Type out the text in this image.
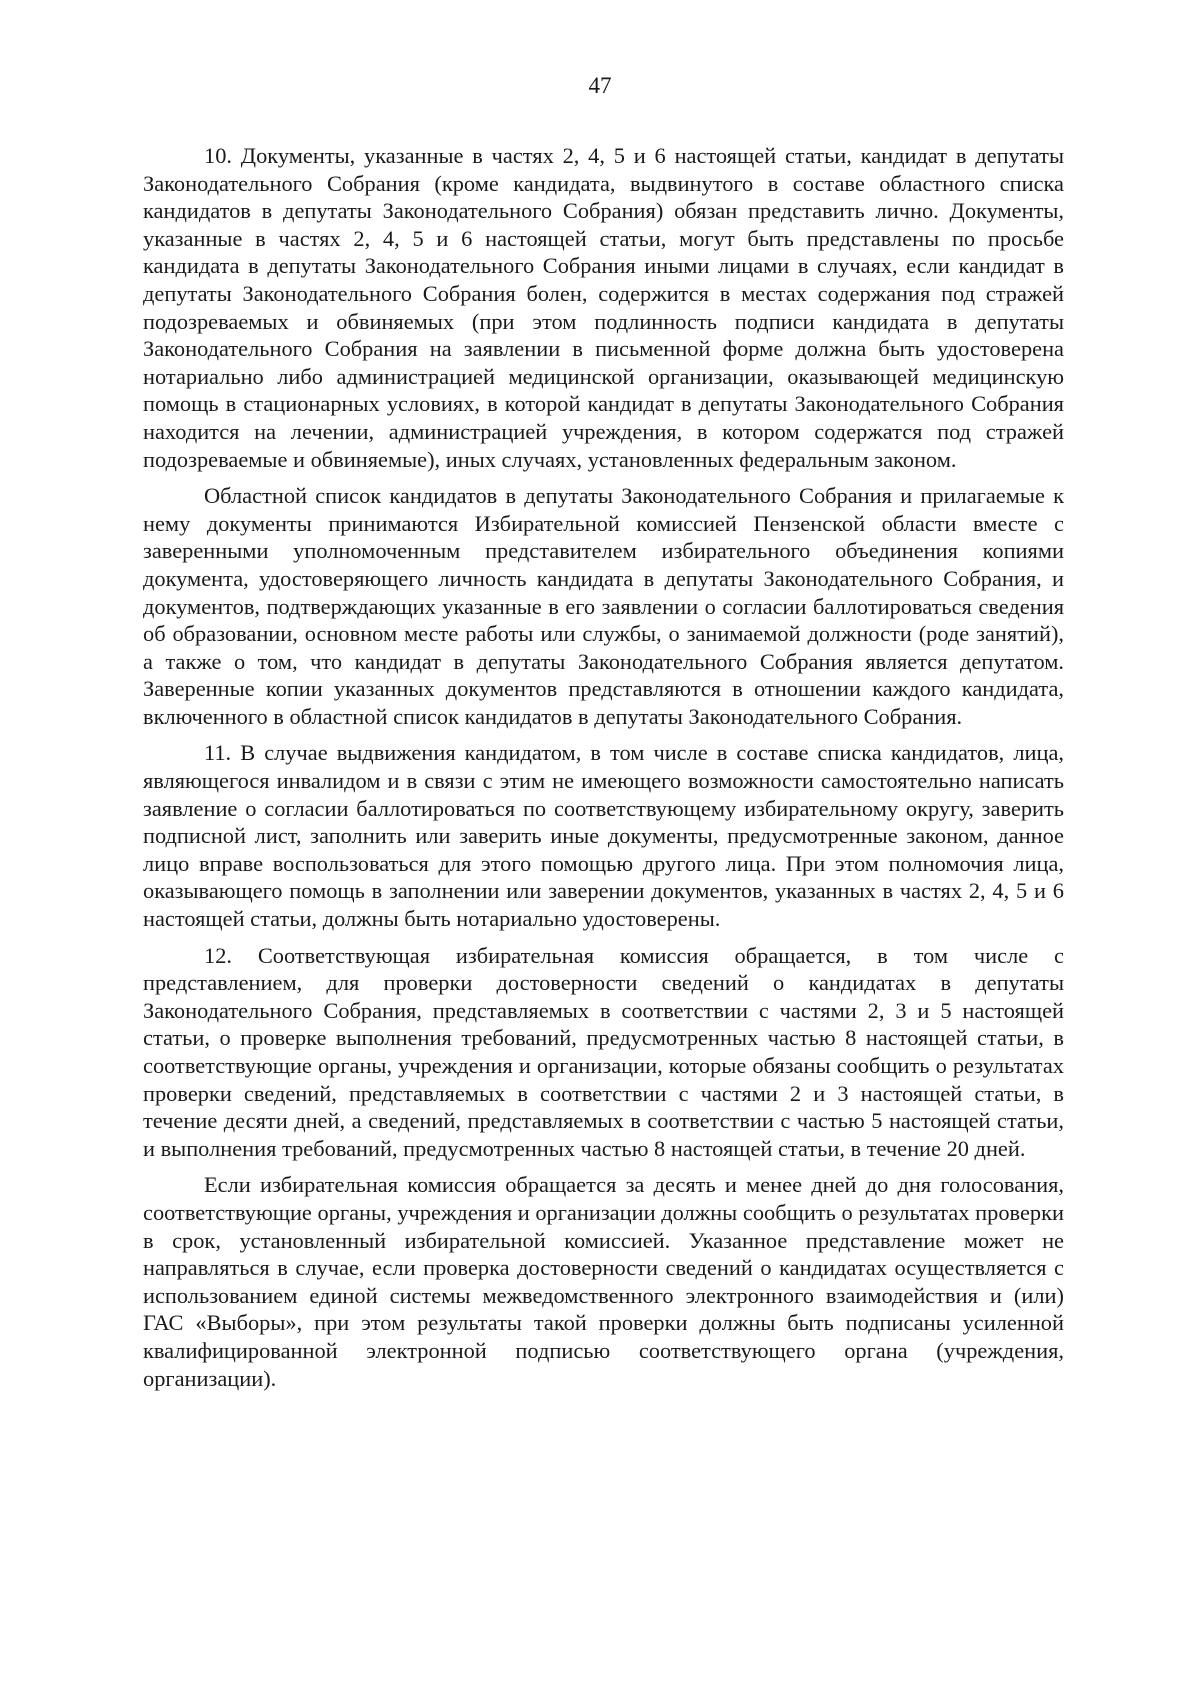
47

10. Документы, указанные в частях 2, 4, 5 и 6 настоящей статьи, кандидат в депутаты Законодательного Собрания (кроме кандидата, выдвинутого в составе областного списка кандидатов в депутаты Законодательного Собрания) обязан представить лично. Документы, указанные в частях 2, 4, 5 и 6 настоящей статьи, могут быть представлены по просьбе кандидата в депутаты Законодательного Собрания иными лицами в случаях, если кандидат в депутаты Законодательного Собрания болен, содержится в местах содержания под стражей подозреваемых и обвиняемых (при этом подлинность подписи кандидата в депутаты Законодательного Собрания на заявлении в письменной форме должна быть удостоверена нотариально либо администрацией медицинской организации, оказывающей медицинскую помощь в стационарных условиях, в которой кандидат в депутаты Законодательного Собрания находится на лечении, администрацией учреждения, в котором содержатся под стражей подозреваемые и обвиняемые), иных случаях, установленных федеральным законом.

Областной список кандидатов в депутаты Законодательного Собрания и прилагаемые к нему документы принимаются Избирательной комиссией Пензенской области вместе с заверенными уполномоченным представителем избирательного объединения копиями документа, удостоверяющего личность кандидата в депутаты Законодательного Собрания, и документов, подтверждающих указанные в его заявлении о согласии баллотироваться сведения об образовании, основном месте работы или службы, о занимаемой должности (роде занятий), а также о том, что кандидат в депутаты Законодательного Собрания является депутатом. Заверенные копии указанных документов представляются в отношении каждого кандидата, включенного в областной список кандидатов в депутаты Законодательного Собрания.

11. В случае выдвижения кандидатом, в том числе в составе списка кандидатов, лица, являющегося инвалидом и в связи с этим не имеющего возможности самостоятельно написать заявление о согласии баллотироваться по соответствующему избирательному округу, заверить подписной лист, заполнить или заверить иные документы, предусмотренные законом, данное лицо вправе воспользоваться для этого помощью другого лица. При этом полномочия лица, оказывающего помощь в заполнении или заверении документов, указанных в частях 2, 4, 5 и 6 настоящей статьи, должны быть нотариально удостоверены.

12. Соответствующая избирательная комиссия обращается, в том числе с представлением, для проверки достоверности сведений о кандидатах в депутаты Законодательного Собрания, представляемых в соответствии с частями 2, 3 и 5 настоящей статьи, о проверке выполнения требований, предусмотренных частью 8 настоящей статьи, в соответствующие органы, учреждения и организации, которые обязаны сообщить о результатах проверки сведений, представляемых в соответствии с частями 2 и 3 настоящей статьи, в течение десяти дней, а сведений, представляемых в соответствии с частью 5 настоящей статьи, и выполнения требований, предусмотренных частью 8 настоящей статьи, в течение 20 дней.

Если избирательная комиссия обращается за десять и менее дней до дня голосования, соответствующие органы, учреждения и организации должны сообщить о результатах проверки в срок, установленный избирательной комиссией. Указанное представление может не направляться в случае, если проверка достоверности сведений о кандидатах осуществляется с использованием единой системы межведомственного электронного взаимодействия и (или) ГАС «Выборы», при этом результаты такой проверки должны быть подписаны усиленной квалифицированной электронной подписью соответствующего органа (учреждения, организации).
